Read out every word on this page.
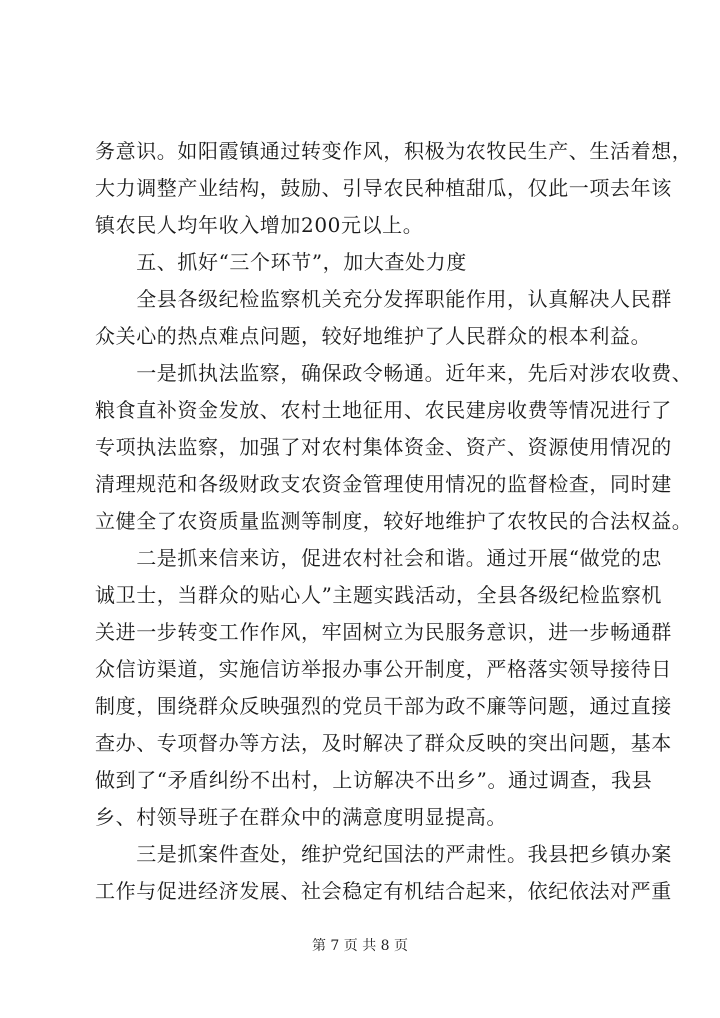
务意识。如阳霞镇通过转变作风，积极为农牧民生产、生活着想，
大力调整产业结构，鼓励、引导农民种植甜瓜，仅此一项去年该
镇农民人均年收入增加200元以上。
　　五、抓好“三个环节”，加大查处力度
　　全县各级纪检监察机关充分发挥职能作用，认真解决人民群
众关心的热点难点问题，较好地维护了人民群众的根本利益。
　　一是抓执法监察，确保政令畅通。近年来，先后对涉农收费、
粮食直补资金发放、农村土地征用、农民建房收费等情况进行了
专项执法监察，加强了对农村集体资金、资产、资源使用情况的
清理规范和各级财政支农资金管理使用情况的监督检查，同时建
立健全了农资质量监测等制度，较好地维护了农牧民的合法权益。
　　二是抓来信来访，促进农村社会和谐。通过开展“做党的忠
诚卫士，当群众的贴心人”主题实践活动，全县各级纪检监察机
关进一步转变工作作风，牢固树立为民服务意识，进一步畅通群
众信访渠道，实施信访举报办事公开制度，严格落实领导接待日
制度，围绕群众反映强烈的党员干部为政不廉等问题，通过直接
查办、专项督办等方法，及时解决了群众反映的突出问题，基本
做到了“矛盾纠纷不出村，上访解决不出乡”。通过调查，我县
乡、村领导班子在群众中的满意度明显提高。
　　三是抓案件查处，维护党纪国法的严肃性。我县把乡镇办案
工作与促进经济发展、社会稳定有机结合起来，依纪依法对严重
第 7 页 共 8 页
